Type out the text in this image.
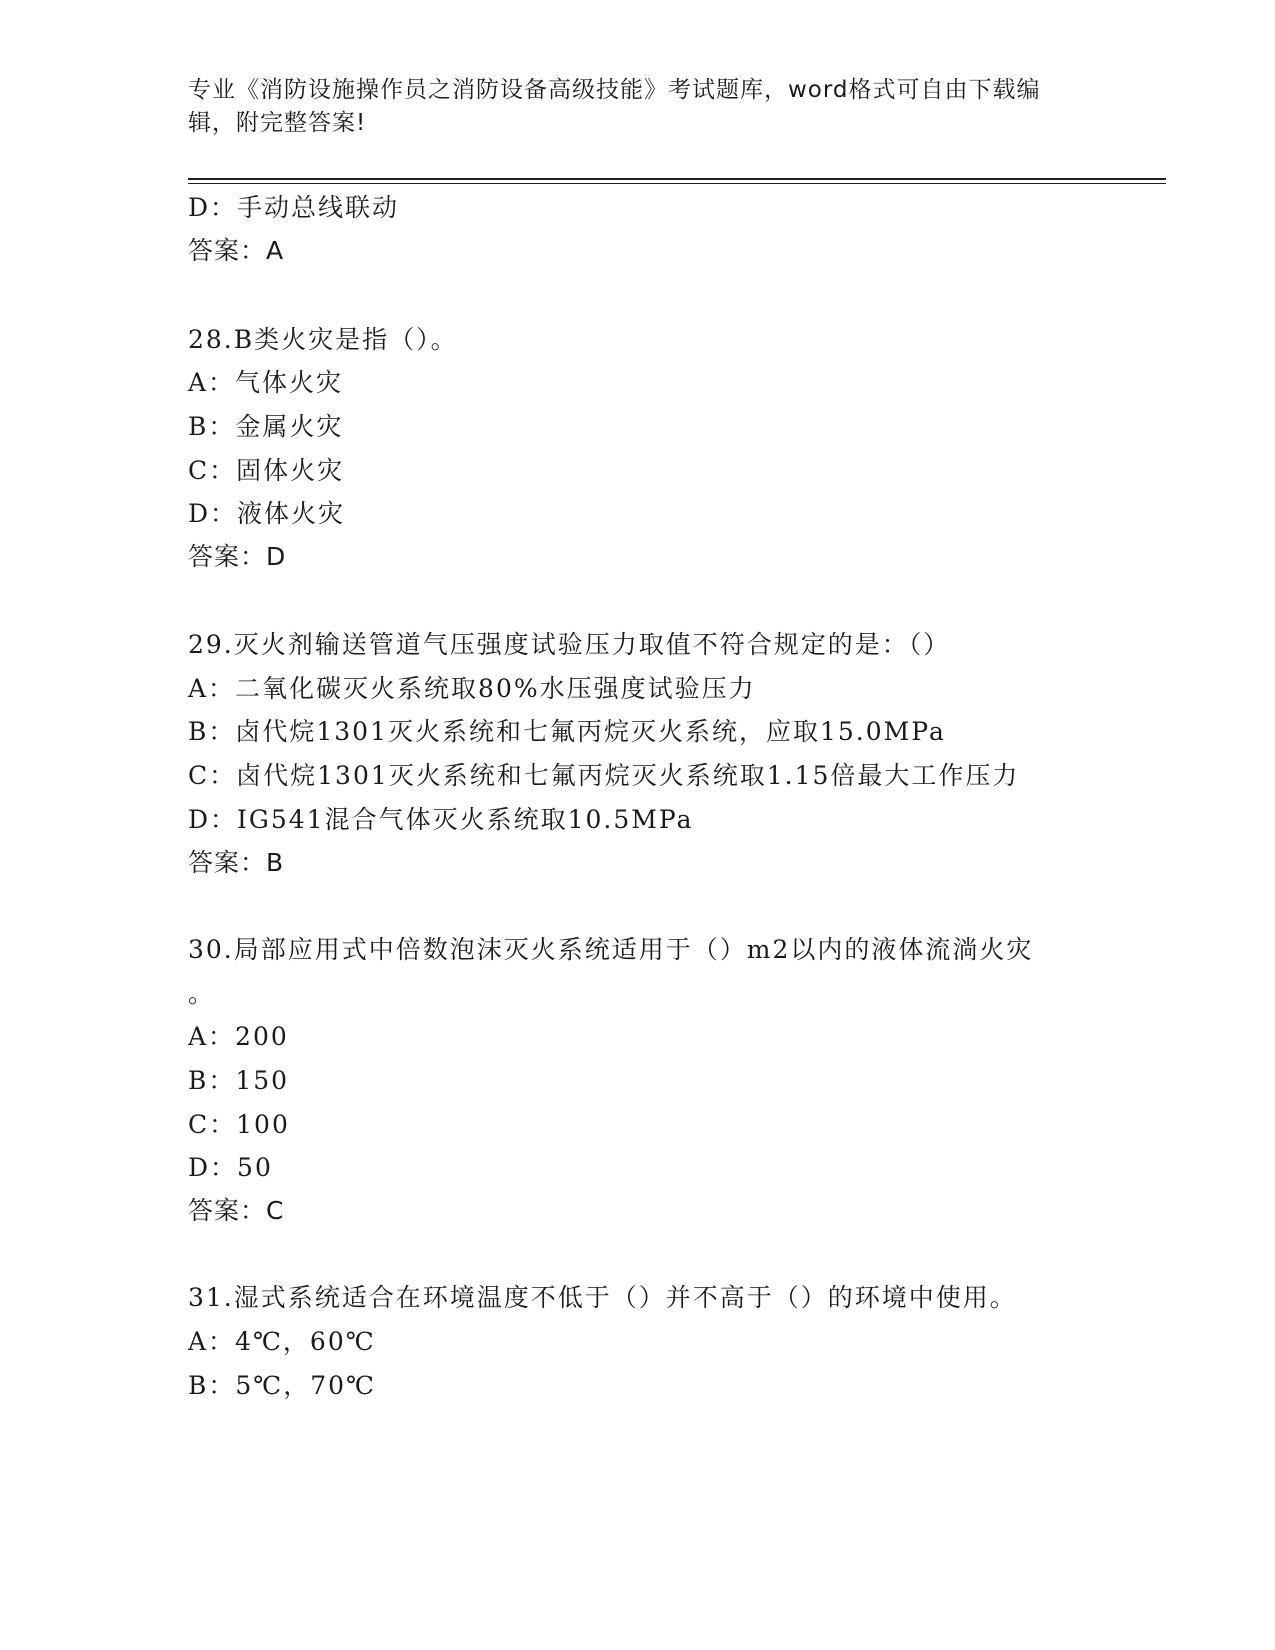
专业《消防设施操作员之消防设备高级技能》考试题库，word格式可自由下载编
辑，附完整答案!
D：手动总线联动
答案：A
28.B类火灾是指（）。
A：气体火灾
B：金属火灾
C：固体火灾
D：液体火灾
答案：D
29.灭火剂输送管道气压强度试验压力取值不符合规定的是：（）
A：二氧化碳灭火系统取80%水压强度试验压力
B：卤代烷1301灭火系统和七氟丙烷灭火系统，应取15.0MPa
C：卤代烷1301灭火系统和七氟丙烷灭火系统取1.15倍最大工作压力
D：IG541混合气体灭火系统取10.5MPa
答案：B
30.局部应用式中倍数泡沫灭火系统适用于（）m2以内的液体流淌火灾
。
A：200
B：150
C：100
D：50
答案：C
31.湿式系统适合在环境温度不低于（）并不高于（）的环境中使用。
A：4℃，60℃
B：5℃，70℃
